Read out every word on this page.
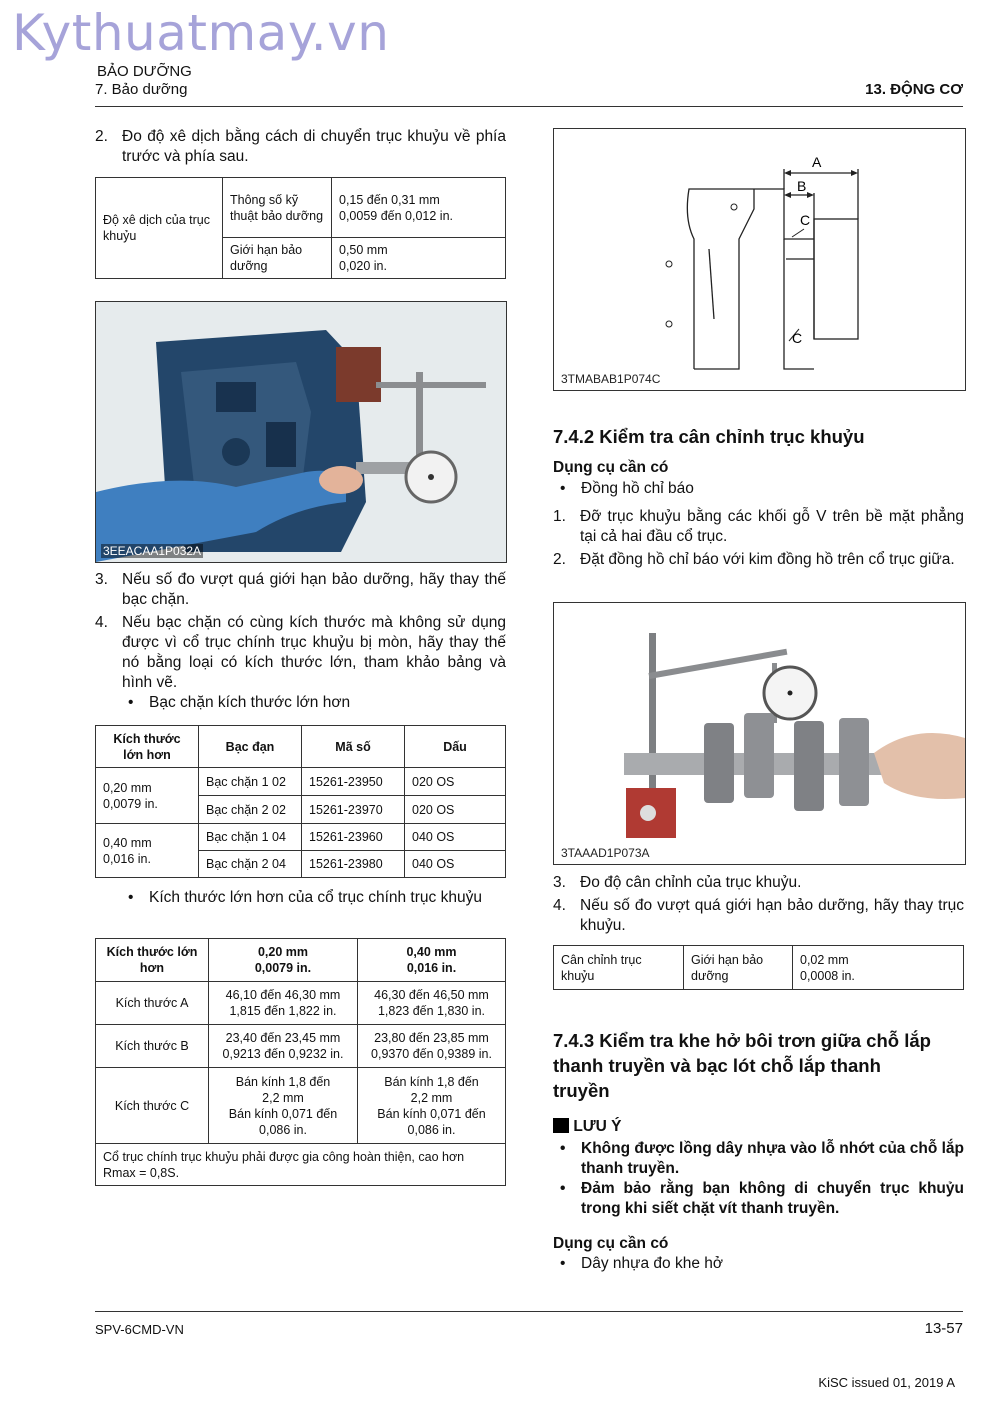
Kythuatmay.vn
BẢO DƯỠNG
7. Bảo dưỡng	13. ĐỘNG CƠ
2. Đo độ xê dịch bằng cách di chuyển trục khuỷu về phía trước và phía sau.
Độ xê dịch của trục khuỷu	Thông số kỹ thuật bảo dưỡng	0,15 đến 0,31 mm
0,0059 đến 0,012 in.
	Giới hạn bảo dưỡng	0,50 mm
0,020 in.
3EEACAA1P032A
3. Nếu số đo vượt quá giới hạn bảo dưỡng, hãy thay thế bạc chặn.
4. Nếu bạc chặn có cùng kích thước mà không sử dụng được vì cổ trục chính trục khuỷu bị mòn, hãy thay thế nó bằng loại có kích thước lớn, tham khảo bảng và hình vẽ.
• Bạc chặn kích thước lớn hơn
Kích thước lớn hơn	Bạc đạn	Mã số	Dấu
0,20 mm
0,0079 in.	Bạc chặn 1 02	15261-23950	020 OS
	Bạc chặn 2 02	15261-23970	020 OS
0,40 mm
0,016 in.	Bạc chặn 1 04	15261-23960	040 OS
	Bạc chặn 2 04	15261-23980	040 OS
• Kích thước lớn hơn của cổ trục chính trục khuỷu
Kích thước lớn hơn	0,20 mm
0,0079 in.	0,40 mm
0,016 in.
Kích thước A	46,10 đến 46,30 mm
1,815 đến 1,822 in.	46,30 đến 46,50 mm
1,823 đến 1,830 in.
Kích thước B	23,40 đến 23,45 mm
0,9213 đến 0,9232 in.	23,80 đến 23,85 mm
0,9370 đến 0,9389 in.
Kích thước C	Bán kính 1,8 đến
2,2 mm
Bán kính 0,071 đến
0,086 in.	Bán kính 1,8 đến
2,2 mm
Bán kính 0,071 đến
0,086 in.
Cổ trục chính trục khuỷu phải được gia công hoàn thiện, cao hơn
Rmax = 0,8S.		
A
B
C
C
3TMABAB1P074C
7.4.2 Kiểm tra cân chỉnh trục khuỷu
Dụng cụ cần có
• Đồng hồ chỉ báo
1. Đỡ trục khuỷu bằng các khối gỗ V trên bề mặt phẳng tại cả hai đầu cổ trục.
2. Đặt đồng hồ chỉ báo với kim đồng hồ trên cổ trục giữa.
3TAAAD1P073A
3. Đo độ cân chỉnh của trục khuỷu.
4. Nếu số đo vượt quá giới hạn bảo dưỡng, hãy thay trục khuỷu.
Cân chỉnh trục
khuỷu	Giới hạn bảo
dưỡng	0,02 mm
0,0008 in.
7.4.3 Kiểm tra khe hở bôi trơn giữa chỗ lắp
thanh truyền và bạc lót chỗ lắp thanh
truyền
LƯU Ý
• Không được lồng dây nhựa vào lỗ nhớt của chỗ lắp thanh truyền.
• Đảm bảo rằng bạn không di chuyển trục khuỷu trong khi siết chặt vít thanh truyền.
Dụng cụ cần có
• Dây nhựa đo khe hở
SPV-6CMD-VN	13-57
KiSC issued 01, 2019 A
